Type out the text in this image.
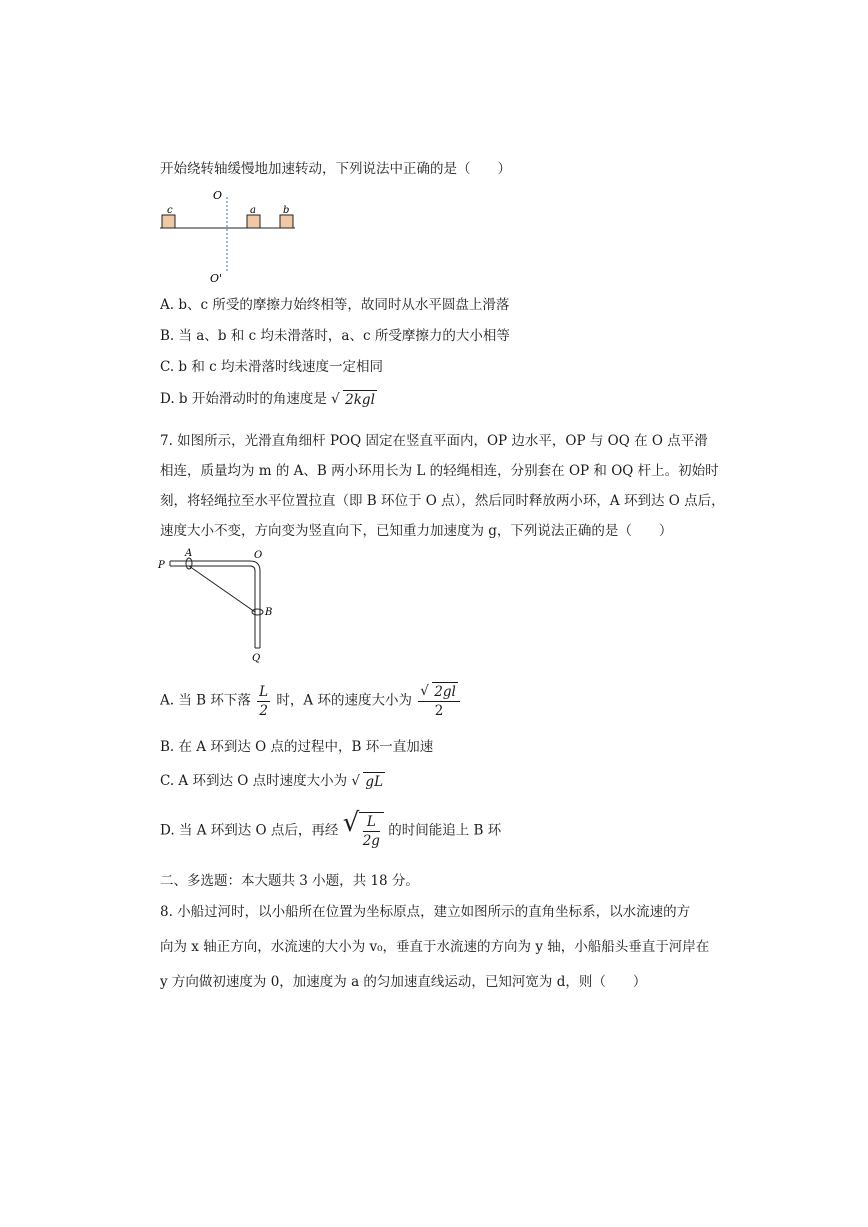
开始绕转轴缓慢地加速转动，下列说法中正确的是（　　）
O
O'
c	a	b
A. b、c 所受的摩擦力始终相等，故同时从水平圆盘上滑落
B. 当 a、b 和 c 均未滑落时，a、c 所受摩擦力的大小相等
C. b 和 c 均未滑落时线速度一定相同
D. b 开始滑动时的角速度是 √ 2kgl
7. 如图所示，光滑直角细杆 POQ 固定在竖直平面内，OP 边水平，OP 与 OQ 在 O 点平滑
相连，质量均为 m 的 A、B 两小环用长为 L 的轻绳相连，分别套在 OP 和 OQ 杆上。初始时
刻，将轻绳拉至水平位置拉直（即 B 环位于 O 点），然后同时释放两小环，A 环到达 O 点后，
速度大小不变，方向变为竖直向下，已知重力加速度为 g，下列说法正确的是（　　）
P
A	O
B
Q
A. 当 B 环下落 $\frac{L}{2}$ 时，A 环的速度大小为 $\frac{√ 2gl}{2}$
B. 在 A 环到达 O 点的过程中，B 环一直加速
C. A 环到达 O 点时速度大小为 √ gL
D. 当 A 环到达 O 点后，再经 √ $\frac{L}{2g}$ 的时间能追上 B 环
二、多选题：本大题共 3 小题，共 18 分。
8. 小船过河时，以小船所在位置为坐标原点，建立如图所示的直角坐标系，以水流速的方
向为 x 轴正方向，水流速的大小为 v₀，垂直于水流速的方向为 y 轴，小船船头垂直于河岸在
y 方向做初速度为 0，加速度为 a 的匀加速直线运动，已知河宽为 d，则（　　）
